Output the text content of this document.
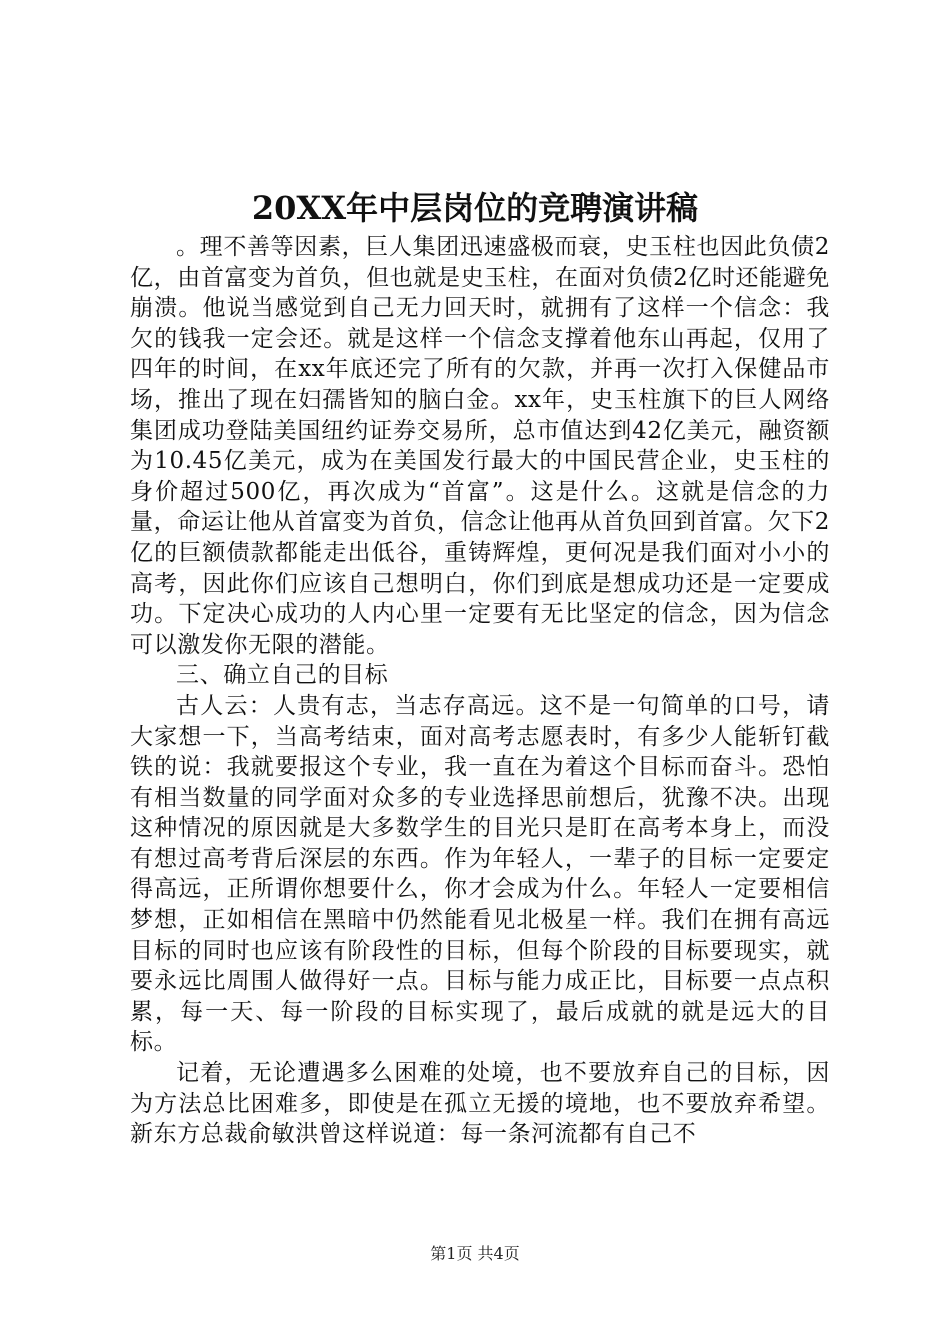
20XX年中层岗位的竞聘演讲稿

。理不善等因素，巨人集团迅速盛极而衰，史玉柱也因此负债2亿，由首富变为首负，但也就是史玉柱，在面对负债2亿时还能避免崩溃。他说当感觉到自己无力回天时，就拥有了这样一个信念：我欠的钱我一定会还。就是这样一个信念支撑着他东山再起，仅用了四年的时间，在xx年底还完了所有的欠款，并再一次打入保健品市场，推出了现在妇孺皆知的脑白金。xx年，史玉柱旗下的巨人网络集团成功登陆美国纽约证券交易所，总市值达到42亿美元，融资额为10.45亿美元，成为在美国发行最大的中国民营企业，史玉柱的身价超过500亿，再次成为“首富”。这是什么。这就是信念的力量，命运让他从首富变为首负，信念让他再从首负回到首富。欠下2亿的巨额债款都能走出低谷，重铸辉煌，更何况是我们面对小小的高考，因此你们应该自己想明白，你们到底是想成功还是一定要成功。下定决心成功的人内心里一定要有无比坚定的信念，因为信念可以激发你无限的潜能。

三、确立自己的目标

古人云：人贵有志，当志存高远。这不是一句简单的口号，请大家想一下，当高考结束，面对高考志愿表时，有多少人能斩钉截铁的说：我就要报这个专业，我一直在为着这个目标而奋斗。恐怕有相当数量的同学面对众多的专业选择思前想后，犹豫不决。出现这种情况的原因就是大多数学生的目光只是盯在高考本身上，而没有想过高考背后深层的东西。作为年轻人，一辈子的目标一定要定得高远，正所谓你想要什么，你才会成为什么。年轻人一定要相信梦想，正如相信在黑暗中仍然能看见北极星一样。我们在拥有高远目标的同时也应该有阶段性的目标，但每个阶段的目标要现实，就要永远比周围人做得好一点。目标与能力成正比，目标要一点点积累，每一天、每一阶段的目标实现了，最后成就的就是远大的目标。

记着，无论遭遇多么困难的处境，也不要放弃自己的目标，因为方法总比困难多，即使是在孤立无援的境地，也不要放弃希望。新东方总裁俞敏洪曾这样说道：每一条河流都有自己不

第1页 共4页
